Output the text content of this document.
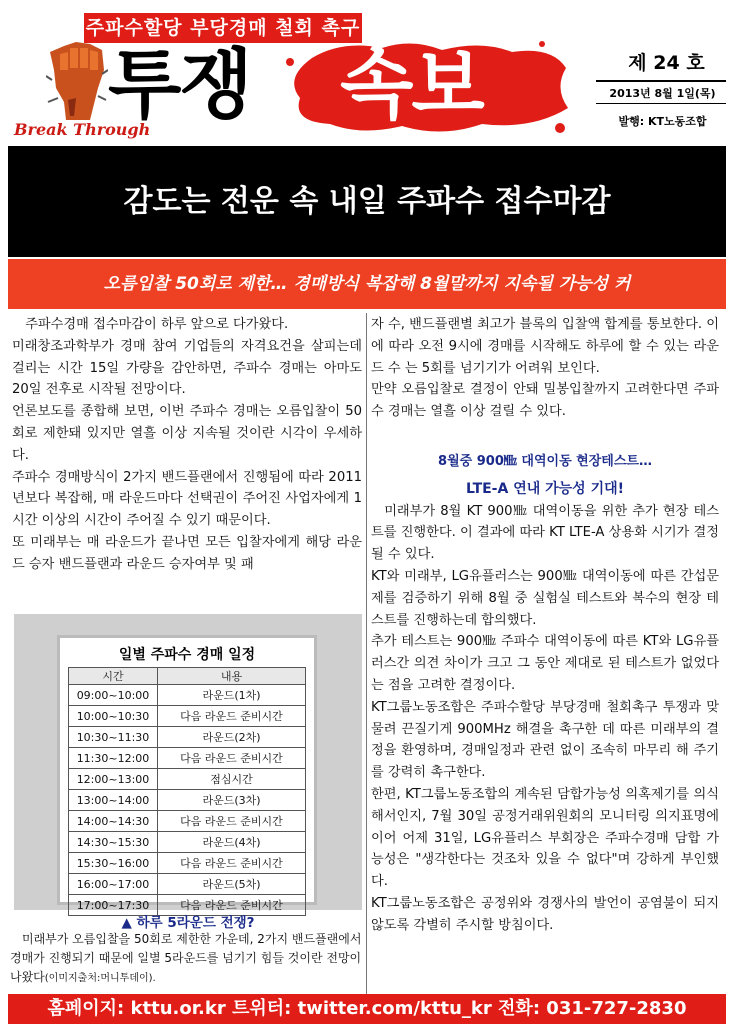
주파수할당 부당경매 철회 촉구
투쟁 속보
Break Through
제 24 호
2013년 8월 1일(목)
발행: KT노동조합
감도는 전운 속 내일 주파수 접수마감
오름입찰 50회로 제한… 경매방식 복잡해 8월말까지 지속될 가능성 커

주파수경매 접수마감이 하루 앞으로 다가왔다.

미래창조과학부가 경매 참여 기업들의 자격요건을 살피는데 걸리는 시간 15일 가량을 감안하면, 주파수 경매는 아마도 20일 전후로 시작될 전망이다.

언론보도를 종합해 보면, 이번 주파수 경매는 오름입찰이 50회로 제한돼 있지만 열흘 이상 지속될 것이란 시각이 우세하다.

주파수 경매방식이 2가지 밴드플랜에서 진행됨에 따라 2011년보다 복잡해, 매 라운드마다 선택권이 주어진 사업자에게 1시간 이상의 시간이 주어질 수 있기 때문이다.

또 미래부는 매 라운드가 끝나면 모든 입찰자에게 해당 라운드 승자 밴드플랜과 라운드 승자여부 및 패

일별 주파수 경매 일정
시간	내용
09:00~10:00	라운드(1차)
10:00~10:30	다음 라운드 준비시간
10:30~11:30	라운드(2차)
11:30~12:00	다음 라운드 준비시간
12:00~13:00	점심시간
13:00~14:00	라운드(3차)
14:00~14:30	다음 라운드 준비시간
14:30~15:30	라운드(4차)
15:30~16:00	다음 라운드 준비시간
16:00~17:00	라운드(5차)
17:00~17:30	다음 라운드 준비시간
▲ 하루 5라운드 전쟁?
미래부가 오름입찰을 50회로 제한한 가운데, 2가지 밴드플랜에서 경매가 진행되기 때문에 일별 5라운드를 넘기기 힘들 것이란 전망이 나왔다(이미지출처:머니투데이).

자 수, 밴드플랜별 최고가 블록의 입찰액 합계를 통보한다. 이에 따라 오전 9시에 경매를 시작해도 하루에 할 수 있는 라운드 수 는 5회를 넘기기가 어려워 보인다.

만약 오름입찰로 결정이 안돼 밀봉입찰까지 고려한다면 주파수 경매는 열흘 이상 걸릴 수 있다.

8월중 900㎒ 대역이동 현장테스트…
LTE-A 연내 가능성 기대!

미래부가 8월 KT 900㎒ 대역이동을 위한 추가 현장 테스트를 진행한다. 이 결과에 따라 KT LTE-A 상용화 시기가 결정될 수 있다.

KT와 미래부, LG유플러스는 900㎒ 대역이동에 따른 간섭문제를 검증하기 위해 8월 중 실험실 테스트와 복수의 현장 테스트를 진행하는데 합의했다.

추가 테스트는 900㎒ 주파수 대역이동에 따른 KT와 LG유플러스간 의견 차이가 크고 그 동안 제대로 된 테스트가 없었다는 점을 고려한 결정이다.

KT그룹노동조합은 주파수할당 부당경매 철회촉구 투쟁과 맞물려 끈질기게 900MHz 해결을 촉구한 데 따른 미래부의 결정을 환영하며, 경매일정과 관련 없이 조속히 마무리 해 주기를 강력히 촉구한다.

한편, KT그룹노동조합의 계속된 담합가능성 의혹제기를 의식해서인지, 7월 30일 공정거래위원회의 모니터링 의지표명에 이어 어제 31일, LG유플러스 부회장은 주파수경매 담합 가능성은 "생각한다는 것조차 있을 수 없다"며 강하게 부인했다.

KT그룹노동조합은 공정위와 경쟁사의 발언이 공염불이 되지 않도록 각별히 주시할 방침이다.

홈페이지: kttu.or.kr 트위터: twitter.com/kttu_kr 전화: 031-727-2830
